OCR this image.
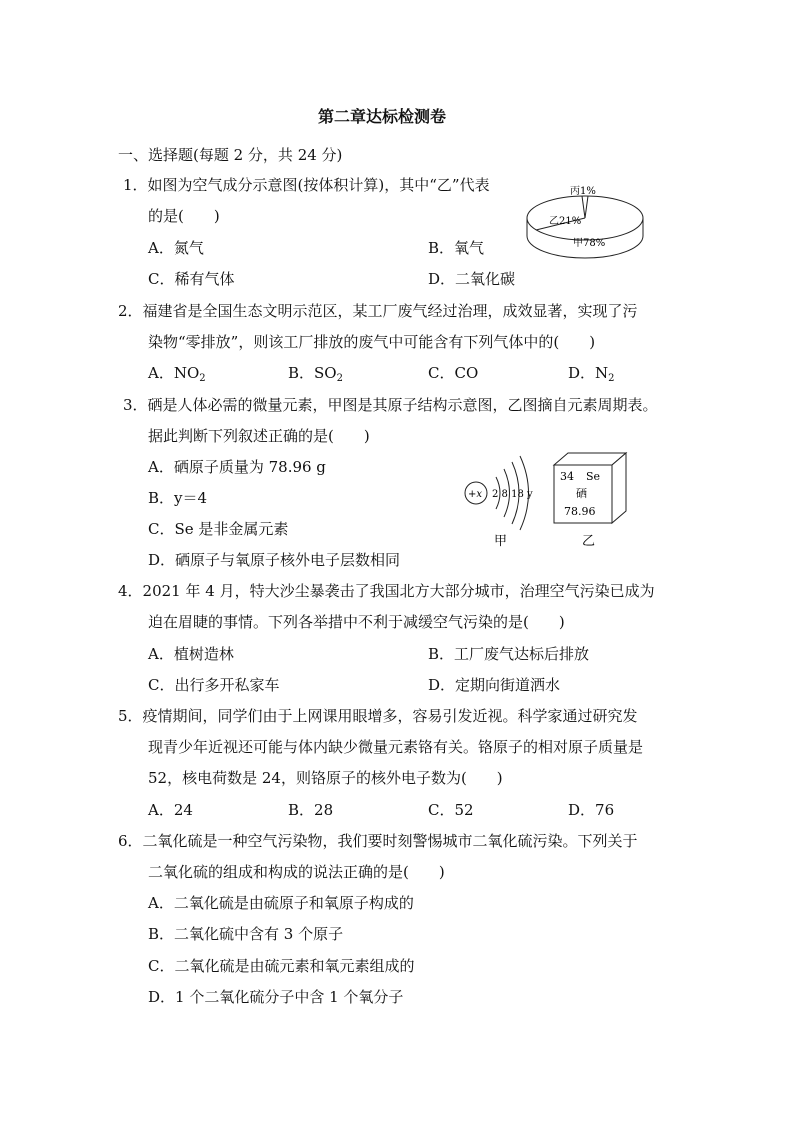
第二章达标检测卷
一、选择题(每题 2 分，共 24 分)
1．如图为空气成分示意图(按体积计算)，其中“乙”代表
的是(　　)
A．氮气	B．氧气
C．稀有气体	D．二氧化碳
丙1%
乙21%
甲78%
2．福建省是全国生态文明示范区，某工厂废气经过治理，成效显著，实现了污
染物“零排放”，则该工厂排放的废气中可能含有下列气体中的(　　)
A．$NO_2$	B．$SO_2$	C．CO	D．$N_2$
3．硒是人体必需的微量元素，甲图是其原子结构示意图，乙图摘自元素周期表。
据此判断下列叙述正确的是(　　)
A．硒原子质量为 78.96 g
B．y＝4
C．Se 是非金属元素
D．硒原子与氧原子核外电子层数相同
+x 2 8 18 y
甲
34 Se
硒
78.96
乙
4．2021 年 4 月，特大沙尘暴袭击了我国北方大部分城市，治理空气污染已成为
迫在眉睫的事情。下列各举措中不利于减缓空气污染的是(　　)
A．植树造林	B．工厂废气达标后排放
C．出行多开私家车	D．定期向街道洒水
5．疫情期间，同学们由于上网课用眼增多，容易引发近视。科学家通过研究发
现青少年近视还可能与体内缺少微量元素铬有关。铬原子的相对原子质量是
52，核电荷数是 24，则铬原子的核外电子数为(　　)
A．24	B．28	C．52	D．76
6．二氧化硫是一种空气污染物，我们要时刻警惕城市二氧化硫污染。下列关于
二氧化硫的组成和构成的说法正确的是(　　)
A．二氧化硫是由硫原子和氧原子构成的
B．二氧化硫中含有 3 个原子
C．二氧化硫是由硫元素和氧元素组成的
D．1 个二氧化硫分子中含 1 个氧分子
